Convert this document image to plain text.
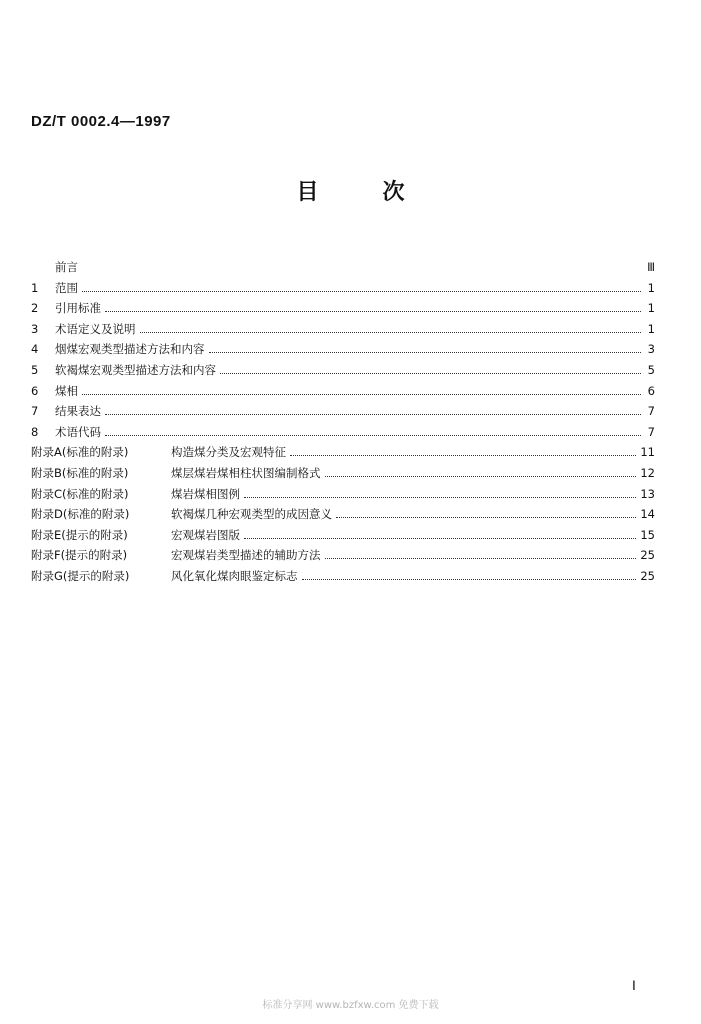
DZ/T 0002.4—1997
目次
前言	Ⅲ
1	范围	1
2	引用标准	1
3	术语定义及说明	1
4	烟煤宏观类型描述方法和内容	3
5	软褐煤宏观类型描述方法和内容	5
6	煤相	6
7	结果表达	7
8	术语代码	7
附录A(标准的附录)	构造煤分类及宏观特征	11
附录B(标准的附录)	煤层煤岩煤相柱状图编制格式	12
附录C(标准的附录)	煤岩煤相图例	13
附录D(标准的附录)	软褐煤几种宏观类型的成因意义	14
附录E(提示的附录)	宏观煤岩图版	15
附录F(提示的附录)	宏观煤岩类型描述的辅助方法	25
附录G(提示的附录)	风化氧化煤肉眼鉴定标志	25
Ⅰ
标准分享网 www.bzfxw.com 免费下载
